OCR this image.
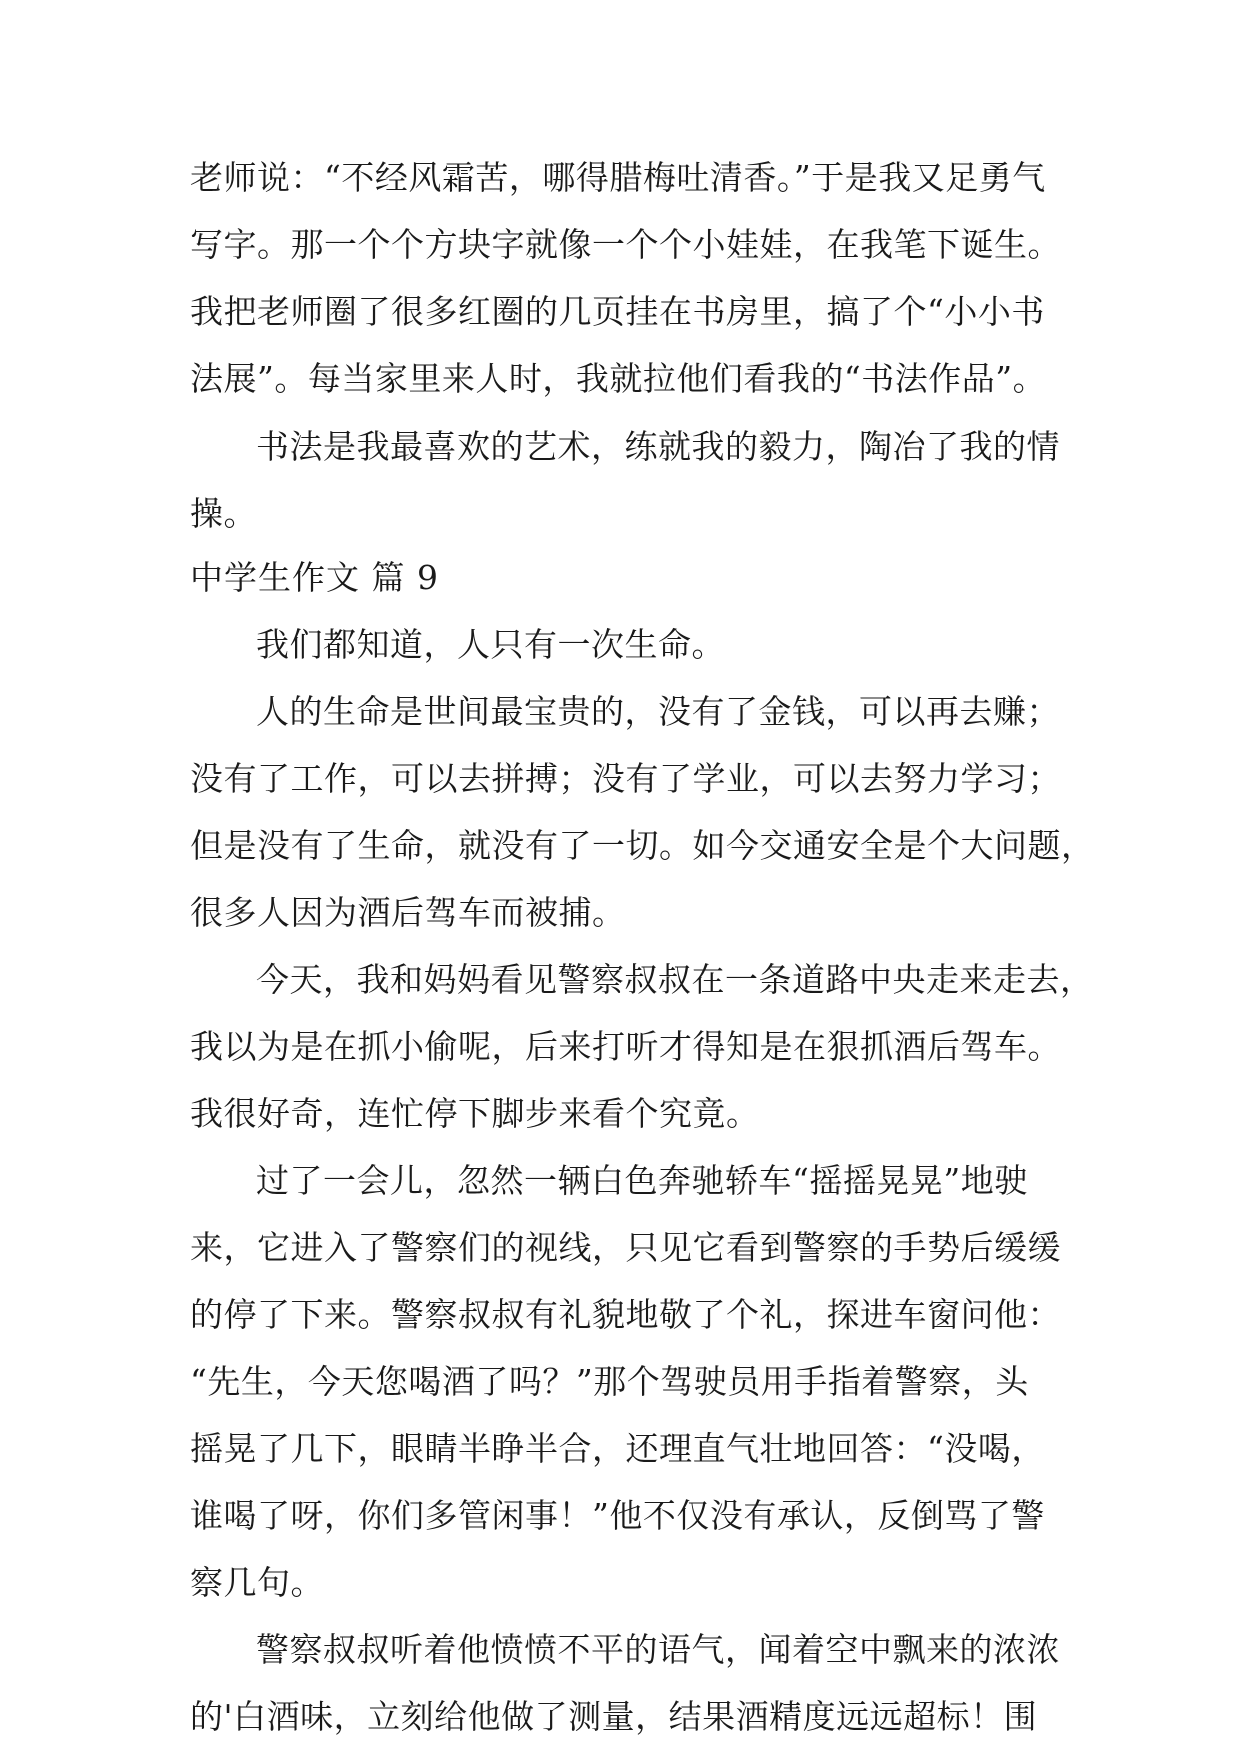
老师说：“不经风霜苦，哪得腊梅吐清香。”于是我又足勇气
写字。那一个个方块字就像一个个小娃娃，在我笔下诞生。
我把老师圈了很多红圈的几页挂在书房里，搞了个“小小书
法展”。每当家里来人时，我就拉他们看我的“书法作品”。
书法是我最喜欢的艺术，练就我的毅力，陶冶了我的情
操。
中学生作文 篇 9
我们都知道，人只有一次生命。
人的生命是世间最宝贵的，没有了金钱，可以再去赚；
没有了工作，可以去拼搏；没有了学业，可以去努力学习；
但是没有了生命，就没有了一切。如今交通安全是个大问题，
很多人因为酒后驾车而被捕。
今天，我和妈妈看见警察叔叔在一条道路中央走来走去，
我以为是在抓小偷呢，后来打听才得知是在狠抓酒后驾车。
我很好奇，连忙停下脚步来看个究竟。
过了一会儿，忽然一辆白色奔驰轿车“摇摇晃晃”地驶
来，它进入了警察们的视线，只见它看到警察的手势后缓缓
的停了下来。警察叔叔有礼貌地敬了个礼，探进车窗问他：
“先生，今天您喝酒了吗？”那个驾驶员用手指着警察，头
摇晃了几下，眼睛半睁半合，还理直气壮地回答：“没喝，
谁喝了呀，你们多管闲事！”他不仅没有承认，反倒骂了警
察几句。
警察叔叔听着他愤愤不平的语气，闻着空中飘来的浓浓
的'白酒味，立刻给他做了测量，结果酒精度远远超标！围
